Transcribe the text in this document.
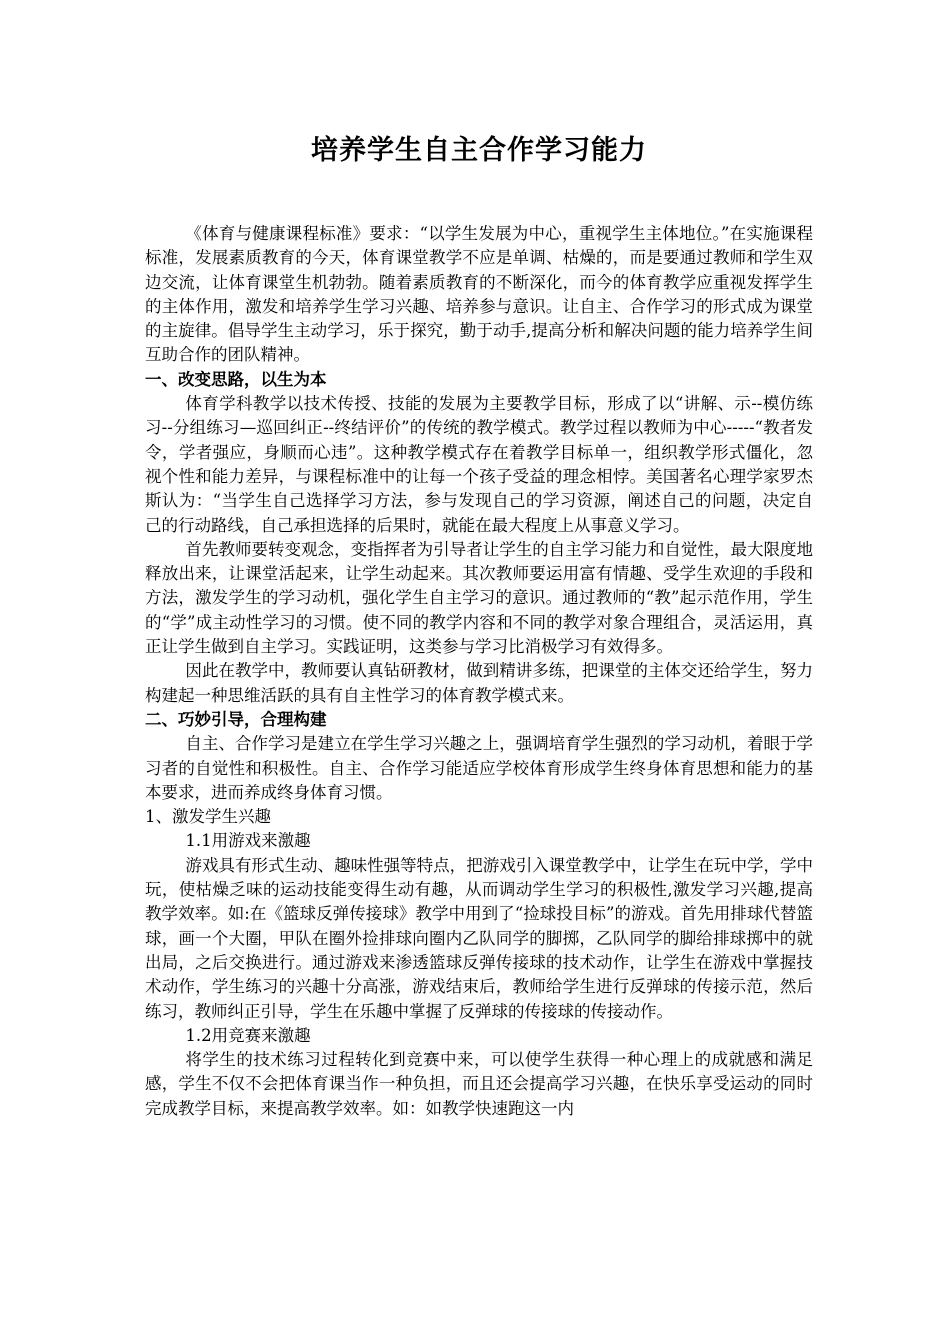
培养学生自主合作学习能力

《体育与健康课程标准》要求：“以学生发展为中心，重视学生主体地位。”在实施课程标准，发展素质教育的今天，体育课堂教学不应是单调、枯燥的，而是要通过教师和学生双边交流，让体育课堂生机勃勃。随着素质教育的不断深化，而今的体育教学应重视发挥学生的主体作用，激发和培养学生学习兴趣、培养参与意识。让自主、合作学习的形式成为课堂的主旋律。倡导学生主动学习，乐于探究，勤于动手,提高分析和解决问题的能力培养学生间互助合作的团队精神。

一、改变思路，以生为本

体育学科教学以技术传授、技能的发展为主要教学目标，形成了以“讲解、示--模仿练习--分组练习—巡回纠正--终结评价”的传统的教学模式。教学过程以教师为中心-----“教者发令，学者强应，身顺而心违”。这种教学模式存在着教学目标单一，组织教学形式僵化，忽视个性和能力差异，与课程标准中的让每一个孩子受益的理念相悖。美国著名心理学家罗杰斯认为：“当学生自己选择学习方法，参与发现自己的学习资源，阐述自己的问题，决定自己的行动路线，自己承担选择的后果时，就能在最大程度上从事意义学习。

首先教师要转变观念，变指挥者为引导者让学生的自主学习能力和自觉性，最大限度地释放出来，让课堂活起来，让学生动起来。其次教师要运用富有情趣、受学生欢迎的手段和方法，激发学生的学习动机，强化学生自主学习的意识。通过教师的“教”起示范作用，学生的“学”成主动性学习的习惯。使不同的教学内容和不同的教学对象合理组合，灵活运用，真正让学生做到自主学习。实践证明，这类参与学习比消极学习有效得多。

因此在教学中，教师要认真钻研教材，做到精讲多练，把课堂的主体交还给学生，努力构建起一种思维活跃的具有自主性学习的体育教学模式来。

二、巧妙引导，合理构建

自主、合作学习是建立在学生学习兴趣之上，强调培育学生强烈的学习动机，着眼于学习者的自觉性和积极性。自主、合作学习能适应学校体育形成学生终身体育思想和能力的基本要求，进而养成终身体育习惯。

1、激发学生兴趣

1.1用游戏来激趣

游戏具有形式生动、趣味性强等特点，把游戏引入课堂教学中，让学生在玩中学，学中玩，使枯燥乏味的运动技能变得生动有趣，从而调动学生学习的积极性,激发学习兴趣,提高教学效率。如:在《篮球反弹传接球》教学中用到了“捡球投目标”的游戏。首先用排球代替篮球，画一个大圈，甲队在圈外捡排球向圈内乙队同学的脚掷，乙队同学的脚给排球掷中的就出局，之后交换进行。通过游戏来渗透篮球反弹传接球的技术动作，让学生在游戏中掌握技术动作，学生练习的兴趣十分高涨，游戏结束后，教师给学生进行反弹球的传接示范，然后练习，教师纠正引导，学生在乐趣中掌握了反弹球的传接球的传接动作。

1.2用竞赛来激趣

将学生的技术练习过程转化到竞赛中来，可以使学生获得一种心理上的成就感和满足感，学生不仅不会把体育课当作一种负担，而且还会提高学习兴趣，在快乐享受运动的同时完成教学目标，来提高教学效率。如：如教学快速跑这一内
